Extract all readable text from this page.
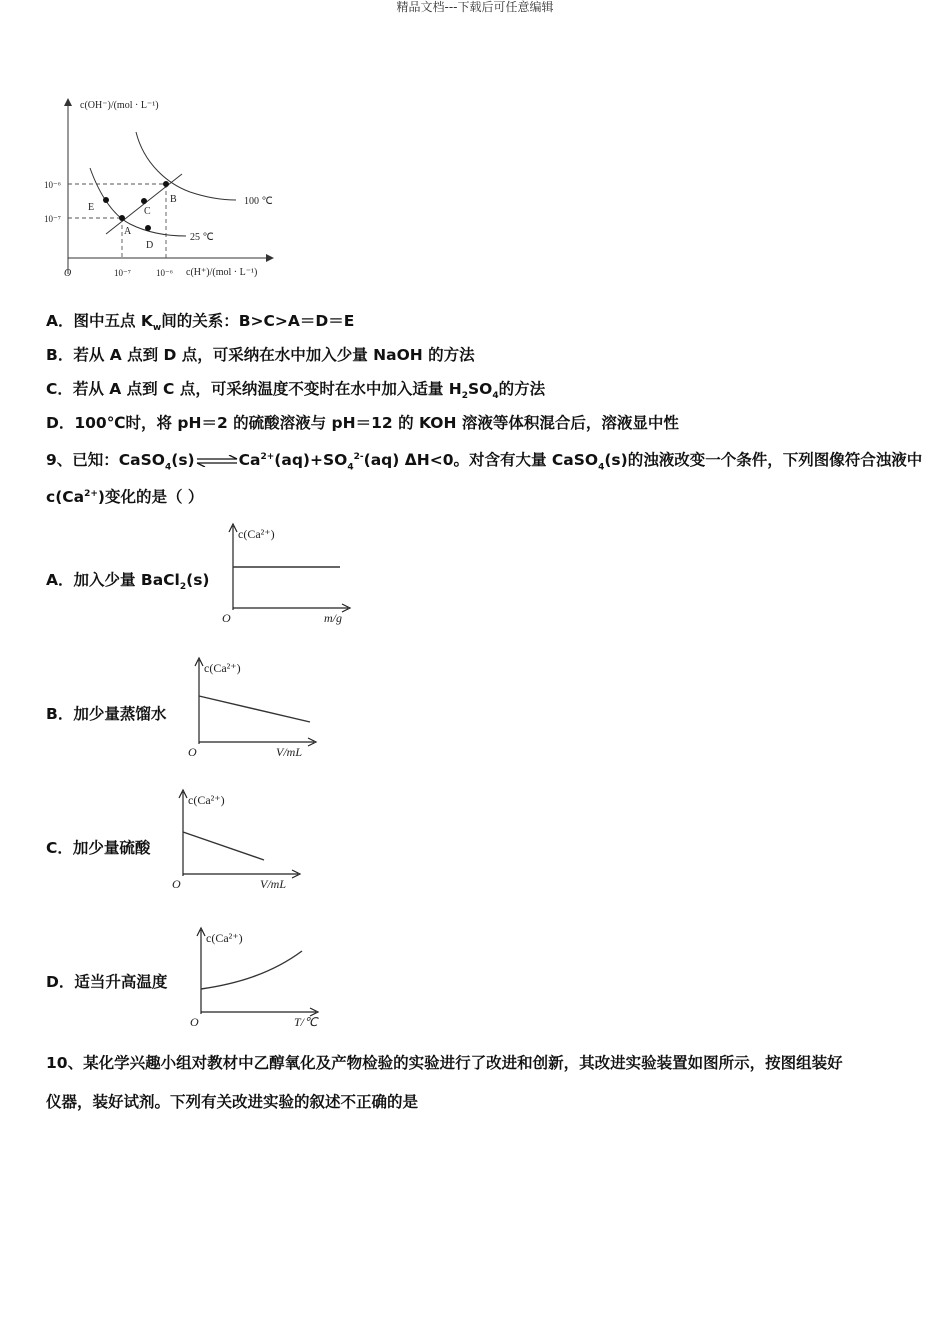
精品文档---下载后可任意编辑
c(OH⁻)/(mol · L⁻¹)
c(H⁺)/(mol · L⁻¹)
O
10⁻⁶
10⁻⁷
10⁻⁷	10⁻⁶
100 ℃
25 ℃
A
B
C
D
E
A．图中五点 $K_w$间的关系：B>C>A＝D＝E
B．若从 A 点到 D 点，可采纳在水中加入少量 NaOH 的方法
C．若从 A 点到 C 点，可采纳温度不变时在水中加入适量 $H_2SO_4$的方法
D．100℃时，将 pH＝2 的硫酸溶液与 pH＝12 的 KOH 溶液等体积混合后，溶液显中性
9、已知：$CaSO_4(s)\rightleftharpoons Ca^{2+}(aq)+SO_4^{2-}(aq)$ ΔH<0。对含有大量 CaSO$_4$(s)的浊液改变一个条件，下列图像符合浊液中
$c(Ca^{2+})$变化的是（ ）
A．加入少量 BaCl$_2$(s)
c(Ca²⁺)
O	m/g
B．加少量蒸馏水
c(Ca²⁺)
O	V/mL
C．加少量硫酸
c(Ca²⁺)
O	V/mL
D．适当升高温度
c(Ca²⁺)
O	T/℃
10、某化学兴趣小组对教材中乙醇氧化及产物检验的实验进行了改进和创新，其改进实验装置如图所示，按图组装好
仪器，装好试剂。下列有关改进实验的叙述不正确的是
